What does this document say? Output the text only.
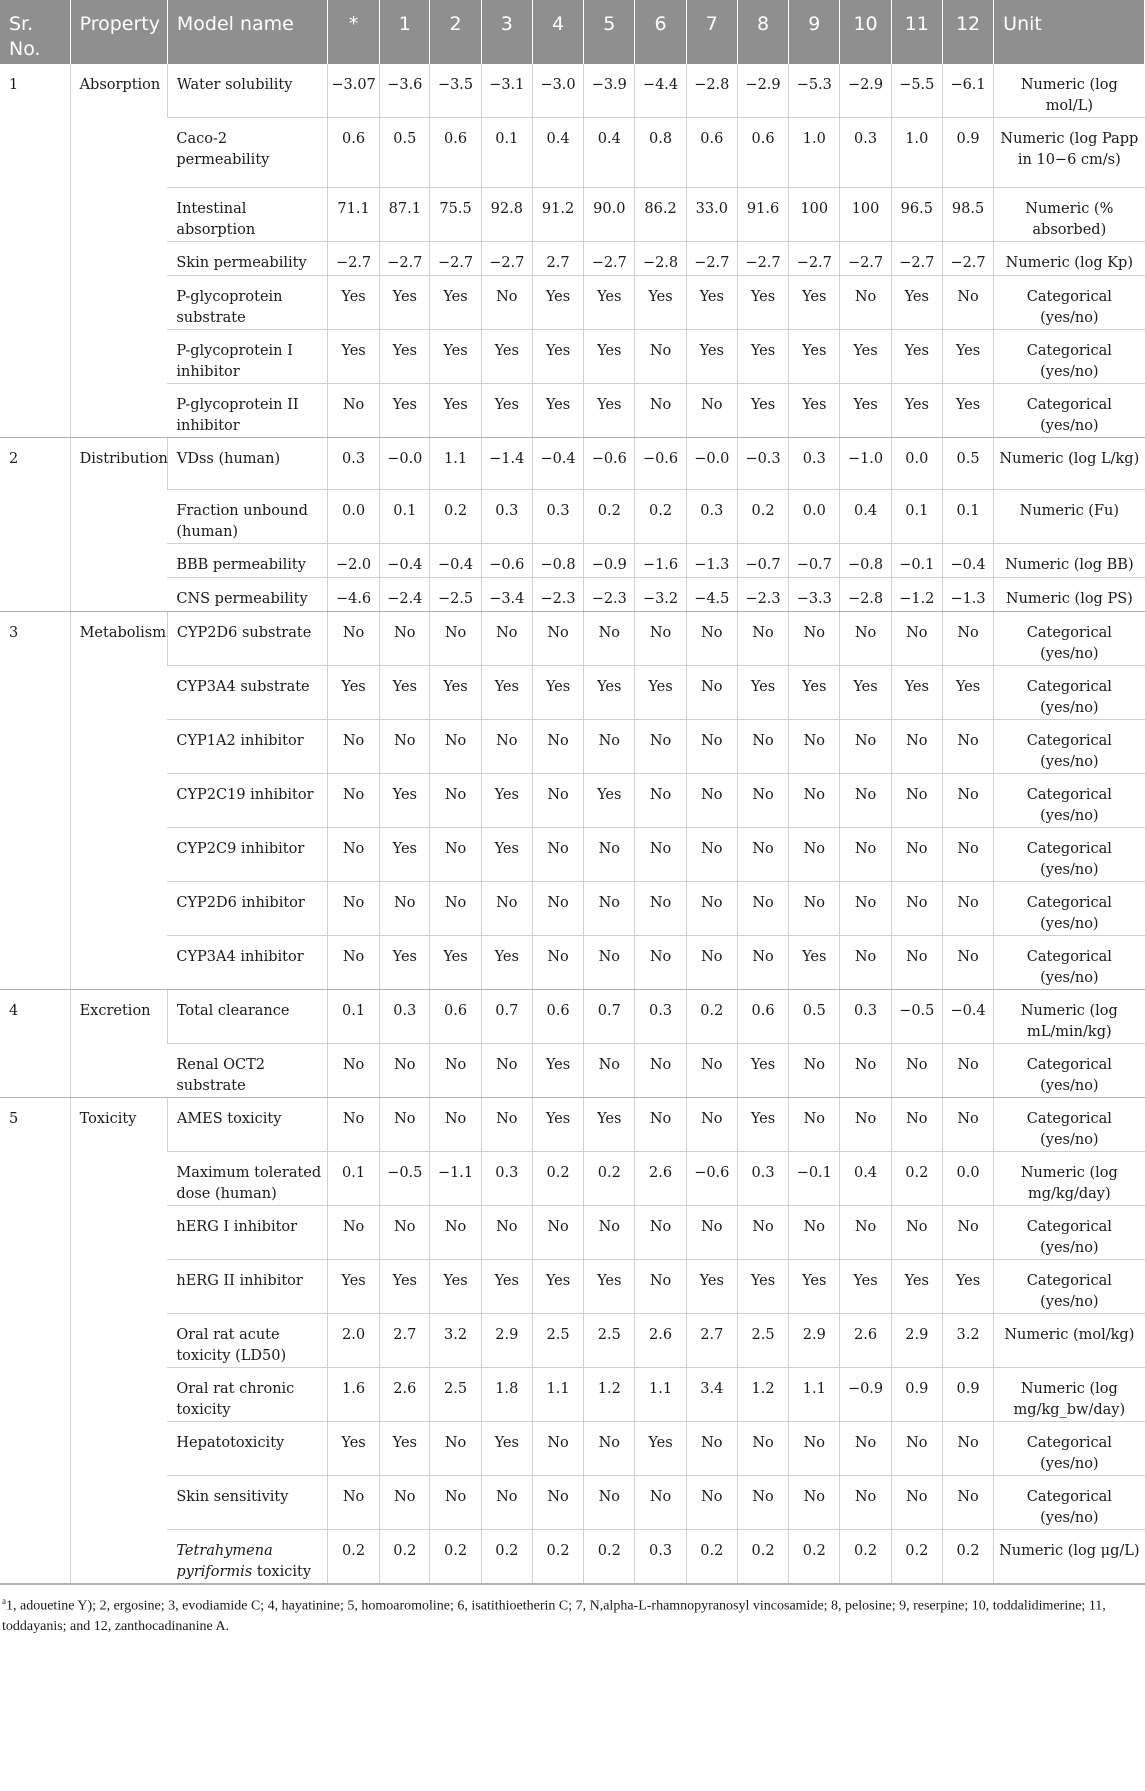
Sr. No.	Property	Model name	*	1	2	3	4	5	6	7	8	9	10	11	12	Unit
1	Absorption	Water solubility	−3.07	−3.6	−3.5	−3.1	−3.0	−3.9	−4.4	−2.8	−2.9	−5.3	−2.9	−5.5	−6.1	Numeric (log mol/L)
		Caco-2 permeability	0.6	0.5	0.6	0.1	0.4	0.4	0.8	0.6	0.6	1.0	0.3	1.0	0.9	Numeric (log Papp in 10−6 cm/s)
		Intestinal absorption	71.1	87.1	75.5	92.8	91.2	90.0	86.2	33.0	91.6	100	100	96.5	98.5	Numeric (% absorbed)
		Skin permeability	−2.7	−2.7	−2.7	−2.7	2.7	−2.7	−2.8	−2.7	−2.7	−2.7	−2.7	−2.7	−2.7	Numeric (log Kp)
		P-glycoprotein substrate	Yes	Yes	Yes	No	Yes	Yes	Yes	Yes	Yes	Yes	No	Yes	No	Categorical (yes/no)
		P-glycoprotein I inhibitor	Yes	Yes	Yes	Yes	Yes	Yes	No	Yes	Yes	Yes	Yes	Yes	Yes	Categorical (yes/no)
		P-glycoprotein II inhibitor	No	Yes	Yes	Yes	Yes	Yes	No	No	Yes	Yes	Yes	Yes	Yes	Categorical (yes/no)
2	Distribution	VDss (human)	0.3	−0.0	1.1	−1.4	−0.4	−0.6	−0.6	−0.0	−0.3	0.3	−1.0	0.0	0.5	Numeric (log L/kg)
		Fraction unbound (human)	0.0	0.1	0.2	0.3	0.3	0.2	0.2	0.3	0.2	0.0	0.4	0.1	0.1	Numeric (Fu)
		BBB permeability	−2.0	−0.4	−0.4	−0.6	−0.8	−0.9	−1.6	−1.3	−0.7	−0.7	−0.8	−0.1	−0.4	Numeric (log BB)
		CNS permeability	−4.6	−2.4	−2.5	−3.4	−2.3	−2.3	−3.2	−4.5	−2.3	−3.3	−2.8	−1.2	−1.3	Numeric (log PS)
3	Metabolism	CYP2D6 substrate	No	No	No	No	No	No	No	No	No	No	No	No	No	Categorical (yes/no)
		CYP3A4 substrate	Yes	Yes	Yes	Yes	Yes	Yes	Yes	No	Yes	Yes	Yes	Yes	Yes	Categorical (yes/no)
		CYP1A2 inhibitor	No	No	No	No	No	No	No	No	No	No	No	No	No	Categorical (yes/no)
		CYP2C19 inhibitor	No	Yes	No	Yes	No	Yes	No	No	No	No	No	No	No	Categorical (yes/no)
		CYP2C9 inhibitor	No	Yes	No	Yes	No	No	No	No	No	No	No	No	No	Categorical (yes/no)
		CYP2D6 inhibitor	No	No	No	No	No	No	No	No	No	No	No	No	No	Categorical (yes/no)
		CYP3A4 inhibitor	No	Yes	Yes	Yes	No	No	No	No	No	Yes	No	No	No	Categorical (yes/no)
4	Excretion	Total clearance	0.1	0.3	0.6	0.7	0.6	0.7	0.3	0.2	0.6	0.5	0.3	−0.5	−0.4	Numeric (log mL/min/kg)
		Renal OCT2 substrate	No	No	No	No	Yes	No	No	No	Yes	No	No	No	No	Categorical (yes/no)
5	Toxicity	AMES toxicity	No	No	No	No	Yes	Yes	No	No	Yes	No	No	No	No	Categorical (yes/no)
		Maximum tolerated dose (human)	0.1	−0.5	−1.1	0.3	0.2	0.2	2.6	−0.6	0.3	−0.1	0.4	0.2	0.0	Numeric (log mg/kg/day)
		hERG I inhibitor	No	No	No	No	No	No	No	No	No	No	No	No	No	Categorical (yes/no)
		hERG II inhibitor	Yes	Yes	Yes	Yes	Yes	Yes	No	Yes	Yes	Yes	Yes	Yes	Yes	Categorical (yes/no)
		Oral rat acute toxicity (LD50)	2.0	2.7	3.2	2.9	2.5	2.5	2.6	2.7	2.5	2.9	2.6	2.9	3.2	Numeric (mol/kg)
		Oral rat chronic toxicity	1.6	2.6	2.5	1.8	1.1	1.2	1.1	3.4	1.2	1.1	−0.9	0.9	0.9	Numeric (log mg/kg_bw/day)
		Hepatotoxicity	Yes	Yes	No	Yes	No	No	Yes	No	No	No	No	No	No	Categorical (yes/no)
		Skin sensitivity	No	No	No	No	No	No	No	No	No	No	No	No	No	Categorical (yes/no)
		Tetrahymena pyriformis toxicity	0.2	0.2	0.2	0.2	0.2	0.2	0.3	0.2	0.2	0.2	0.2	0.2	0.2	Numeric (log μg/L)
$^a$1, adouetine Y); 2, ergosine; 3, evodiamide C; 4, hayatinine; 5, homoaromoline; 6, isatithioetherin C; 7, N,alpha-L-rhamnopyranosyl vincosamide; 8, pelosine; 9, reserpine; 10, toddalidimerine; 11, toddayanis; and 12, zanthocadinanine A.
